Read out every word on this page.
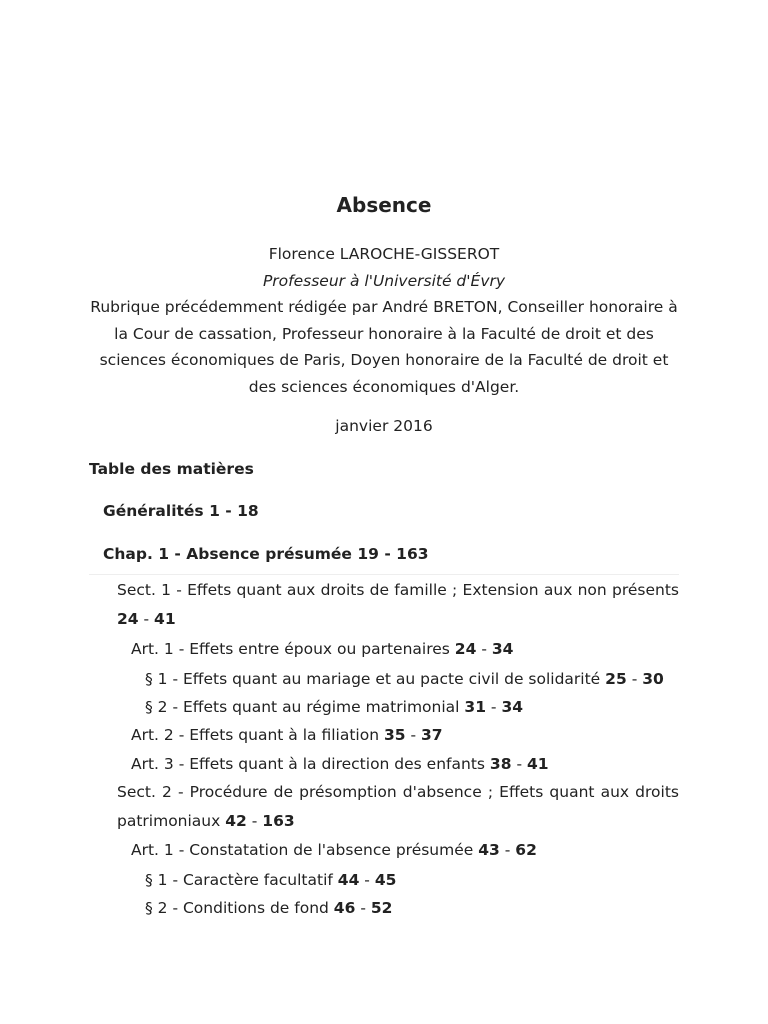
Absence
Florence LAROCHE-GISSEROT
Professeur à l'Université d'Évry
Rubrique précédemment rédigée par André BRETON, Conseiller honoraire à la Cour de cassation, Professeur honoraire à la Faculté de droit et des sciences économiques de Paris, Doyen honoraire de la Faculté de droit et des sciences économiques d'Alger.
janvier 2016
Table des matières
Généralités 1 - 18
Chap. 1 - Absence présumée 19 - 163
Sect. 1 - Effets quant aux droits de famille ; Extension aux non présents 24 - 41
Art. 1 - Effets entre époux ou partenaires 24 - 34
§ 1 - Effets quant au mariage et au pacte civil de solidarité 25 - 30
§ 2 - Effets quant au régime matrimonial 31 - 34
Art. 2 - Effets quant à la filiation 35 - 37
Art. 3 - Effets quant à la direction des enfants 38 - 41
Sect. 2 - Procédure de présomption d'absence ; Effets quant aux droits patrimoniaux 42 - 163
Art. 1 - Constatation de l'absence présumée 43 - 62
§ 1 - Caractère facultatif 44 - 45
§ 2 - Conditions de fond 46 - 52
